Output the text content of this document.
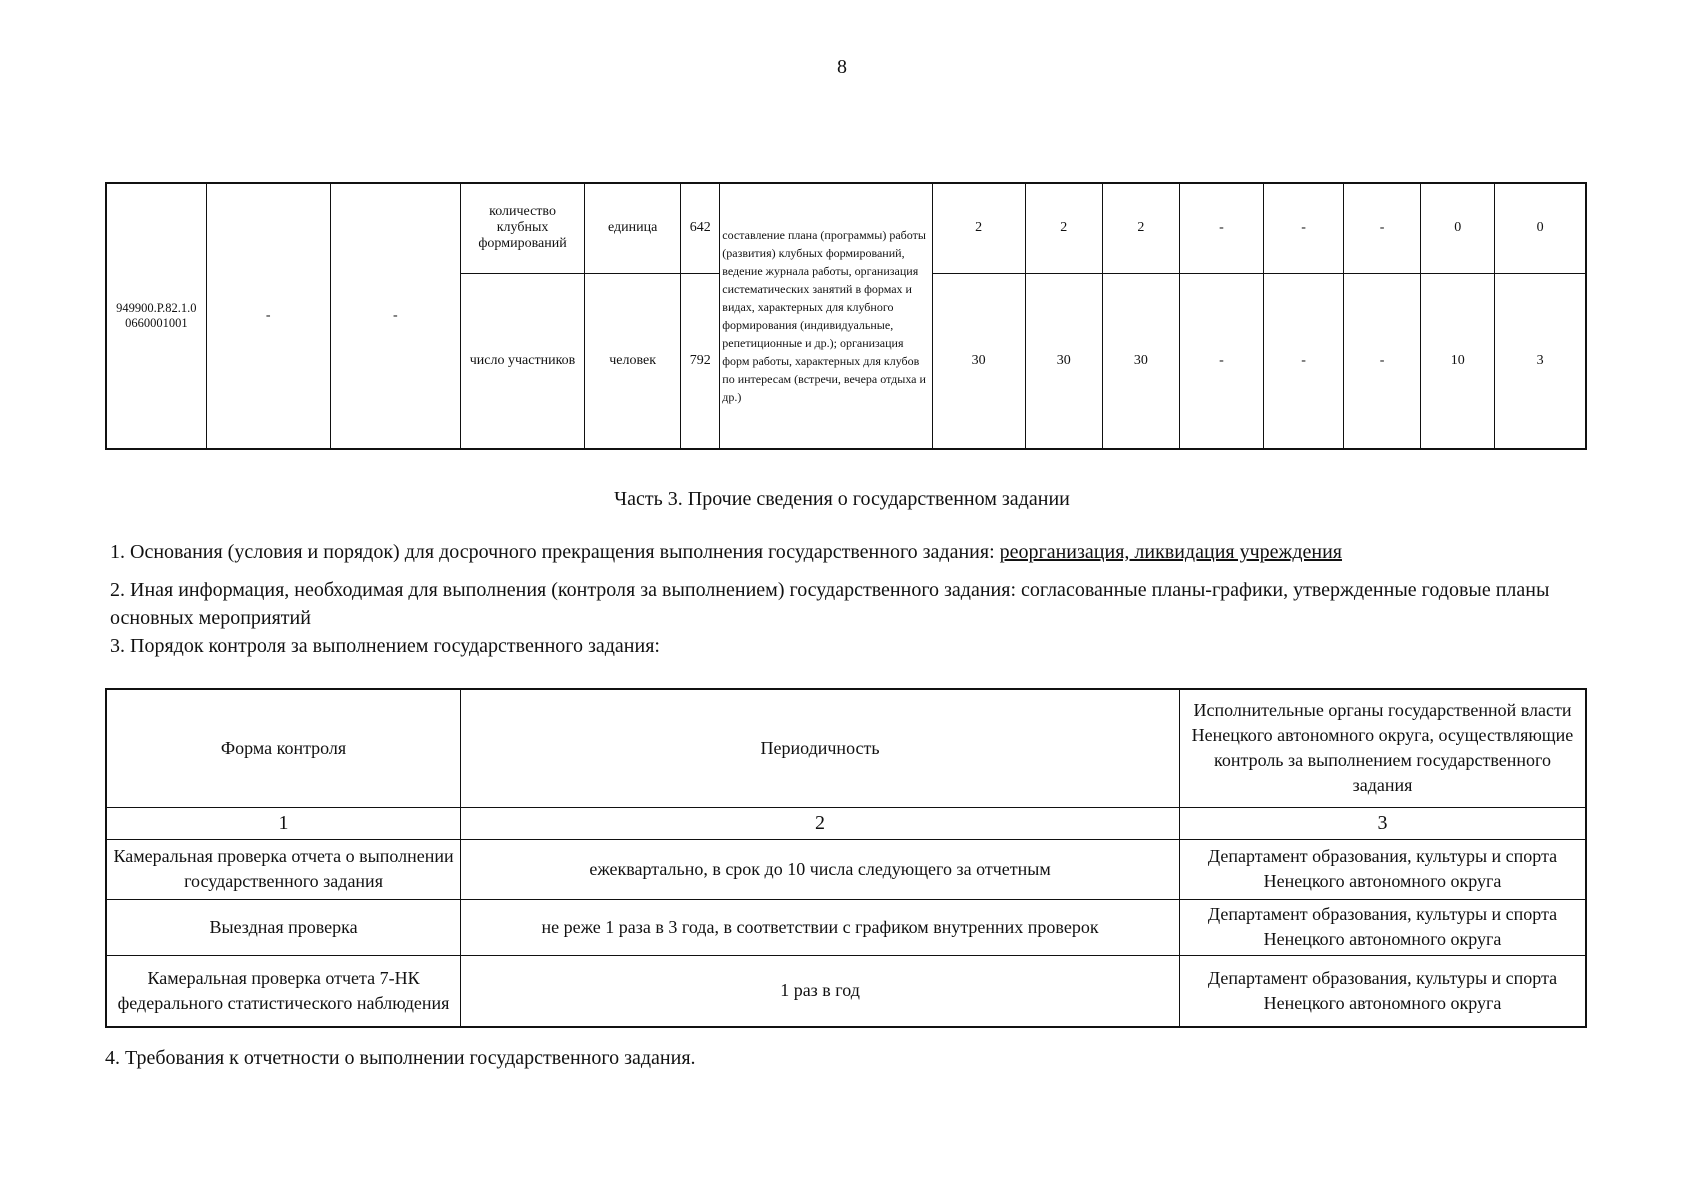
8
949900.Р.82.1.0 0660001001	-	-	количество клубных формирований	единица	642	составление плана (программы) работы (развития) клубных формирований, ведение журнала работы, организация систематических занятий в формах и видах, характерных для клубного формирования (индивидуальные, репетиционные и др.); организация форм работы, характерных для клубов по интересам (встречи, вечера отдыха и др.)	2	2	2	-	-	-	0	0
			число участников	человек	792		30	30	30	-	-	-	10	3
Часть 3. Прочие сведения о государственном задании
1. Основания (условия и порядок) для досрочного прекращения выполнения государственного задания: реорганизация, ликвидация учреждения
2. Иная информация, необходимая для выполнения (контроля за выполнением) государственного задания: согласованные планы-графики, утвержденные годовые планы основных мероприятий
3. Порядок контроля за выполнением государственного задания:
Форма контроля	Периодичность	Исполнительные органы государственной власти Ненецкого автономного округа, осуществляющие контроль за выполнением государственного задания
1	2	3
Камеральная проверка отчета о выполнении государственного задания	ежеквартально, в срок до 10 числа следующего за отчетным	Департамент образования, культуры и спорта Ненецкого автономного округа
Выездная проверка	не реже 1 раза в 3 года, в соответствии с графиком внутренних проверок	Департамент образования, культуры и спорта Ненецкого автономного округа
Камеральная проверка отчета 7-НК федерального статистического наблюдения	1 раз в год	Департамент образования, культуры и спорта Ненецкого автономного округа
4. Требования к отчетности о выполнении государственного задания.
